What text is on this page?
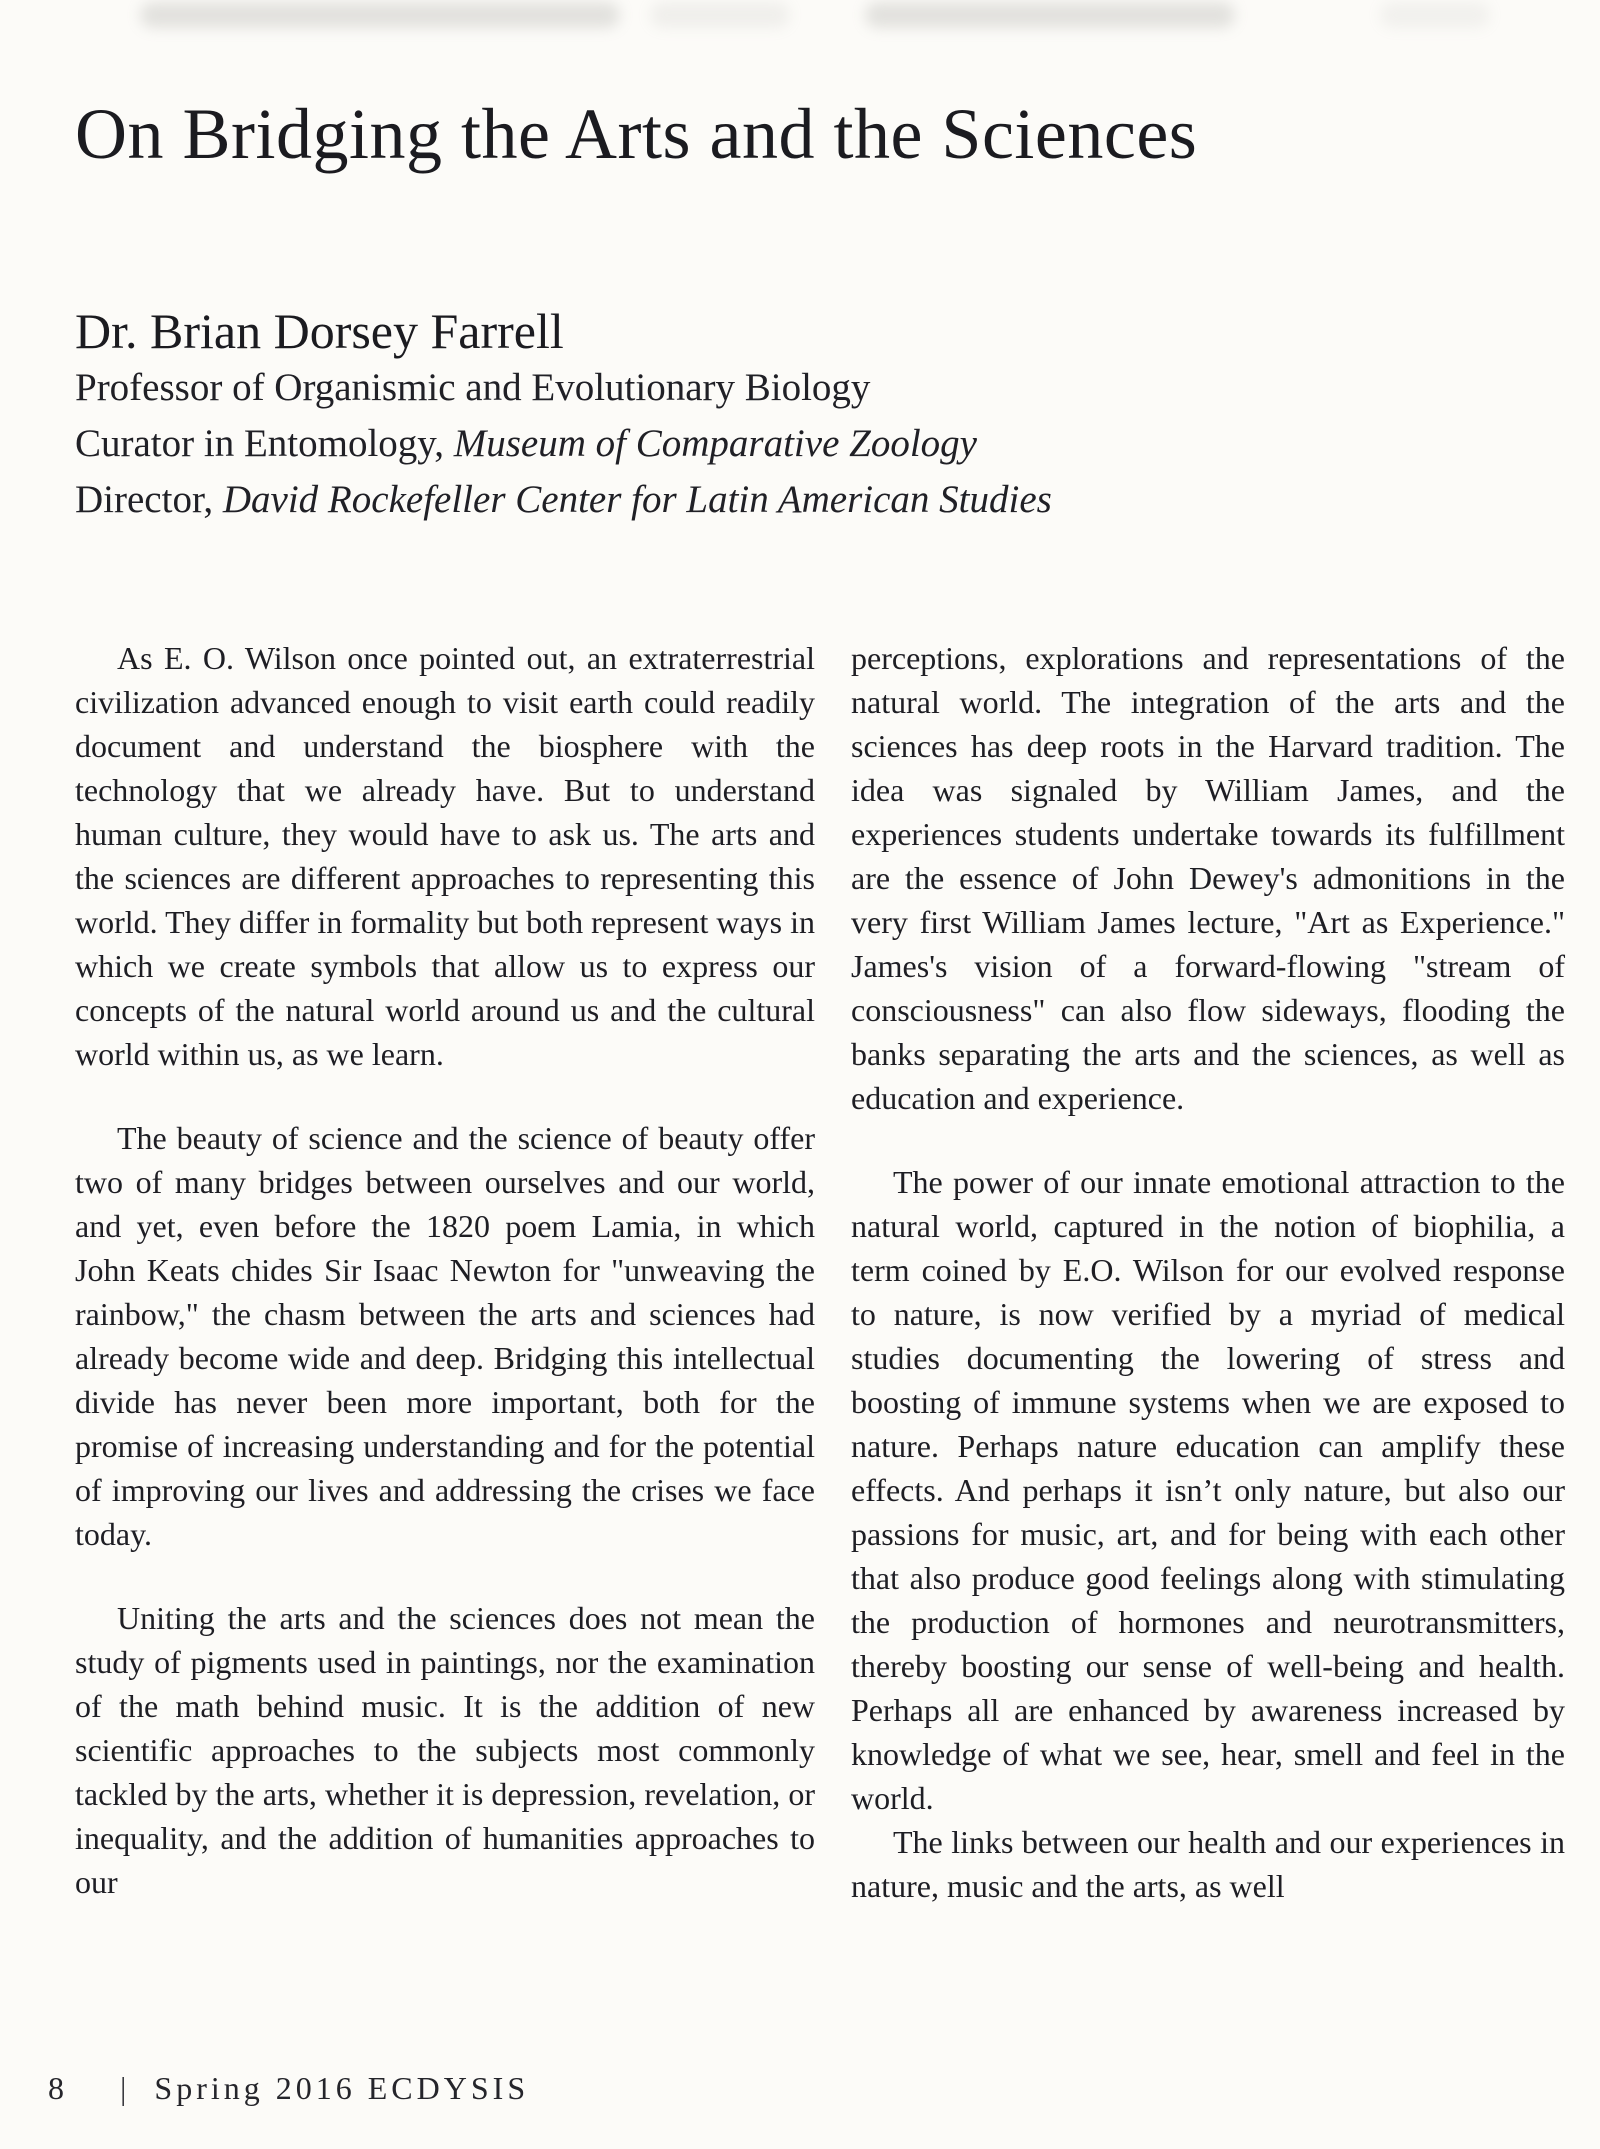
On Bridging the Arts and the Sciences
Dr. Brian Dorsey Farrell
Professor of Organismic and Evolutionary Biology
Curator in Entomology, Museum of Comparative Zoology
Director, David Rockefeller Center for Latin American Studies

As E. O. Wilson once pointed out, an extraterrestrial civilization advanced enough to visit earth could readily document and understand the biosphere with the technology that we already have. But to understand human culture, they would have to ask us. The arts and the sciences are different approaches to representing this world. They differ in formality but both represent ways in which we create symbols that allow us to express our concepts of the natural world around us and the cultural world within us, as we learn.

The beauty of science and the science of beauty offer two of many bridges between ourselves and our world, and yet, even before the 1820 poem Lamia, in which John Keats chides Sir Isaac Newton for "unweaving the rainbow," the chasm between the arts and sciences had already become wide and deep. Bridging this intellectual divide has never been more important, both for the promise of increasing understanding and for the potential of improving our lives and addressing the crises we face today.

Uniting the arts and the sciences does not mean the study of pigments used in paintings, nor the examination of the math behind music. It is the addition of new scientific approaches to the subjects most commonly tackled by the arts, whether it is depression, revelation, or inequality, and the addition of humanities approaches to our

perceptions, explorations and representations of the natural world. The integration of the arts and the sciences has deep roots in the Harvard tradition. The idea was signaled by William James, and the experiences students undertake towards its fulfillment are the essence of John Dewey's admonitions in the very first William James lecture, "Art as Experience." James's vision of a forward-flowing "stream of consciousness" can also flow sideways, flooding the banks separating the arts and the sciences, as well as education and experience.

The power of our innate emotional attraction to the natural world, captured in the notion of biophilia, a term coined by E.O. Wilson for our evolved response to nature, is now verified by a myriad of medical studies documenting the lowering of stress and boosting of immune systems when we are exposed to nature. Perhaps nature education can amplify these effects. And perhaps it isn’t only nature, but also our passions for music, art, and for being with each other that also produce good feelings along with stimulating the production of hormones and neurotransmitters, thereby boosting our sense of well-being and health. Perhaps all are enhanced by awareness increased by knowledge of what we see, hear, smell and feel in the world.

The links between our health and our experiences in nature, music and the arts, as well

8 | Spring 2016 ECDYSIS
